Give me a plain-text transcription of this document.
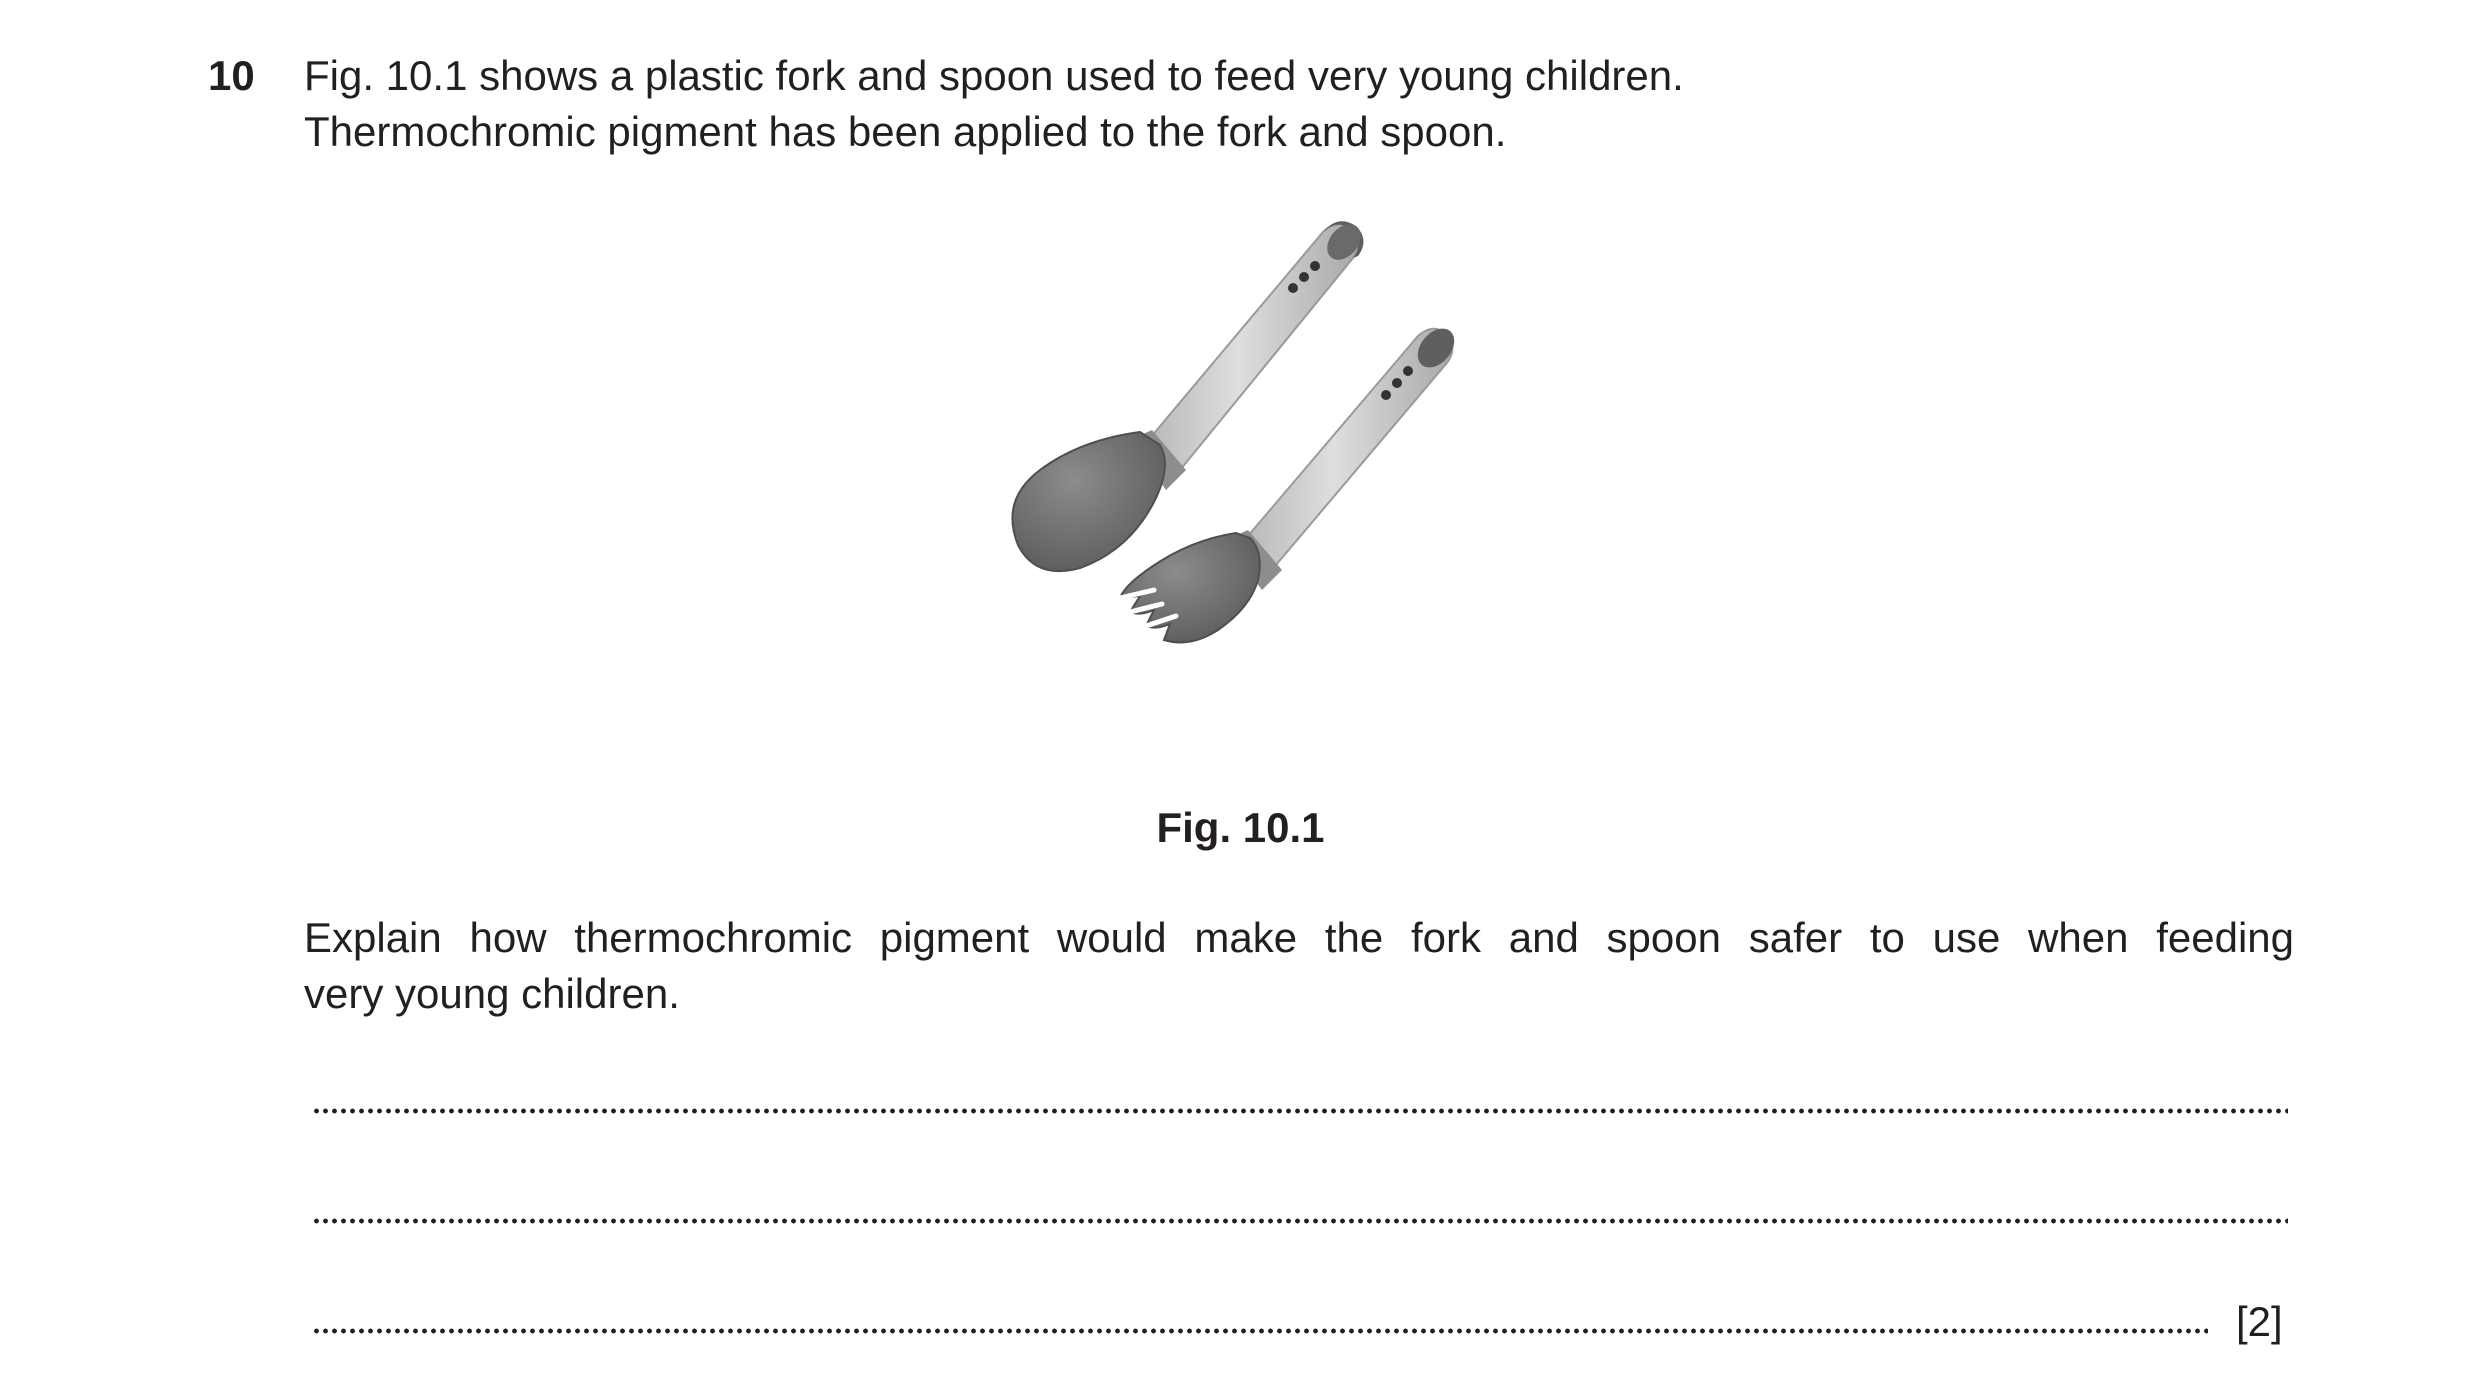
10 Fig. 10.1 shows a plastic fork and spoon used to feed very young children.
Thermochromic pigment has been applied to the fork and spoon.
Fig. 10.1
Explain how thermochromic pigment would make the fork and spoon safer to use when feeding
very young children.
[2]
